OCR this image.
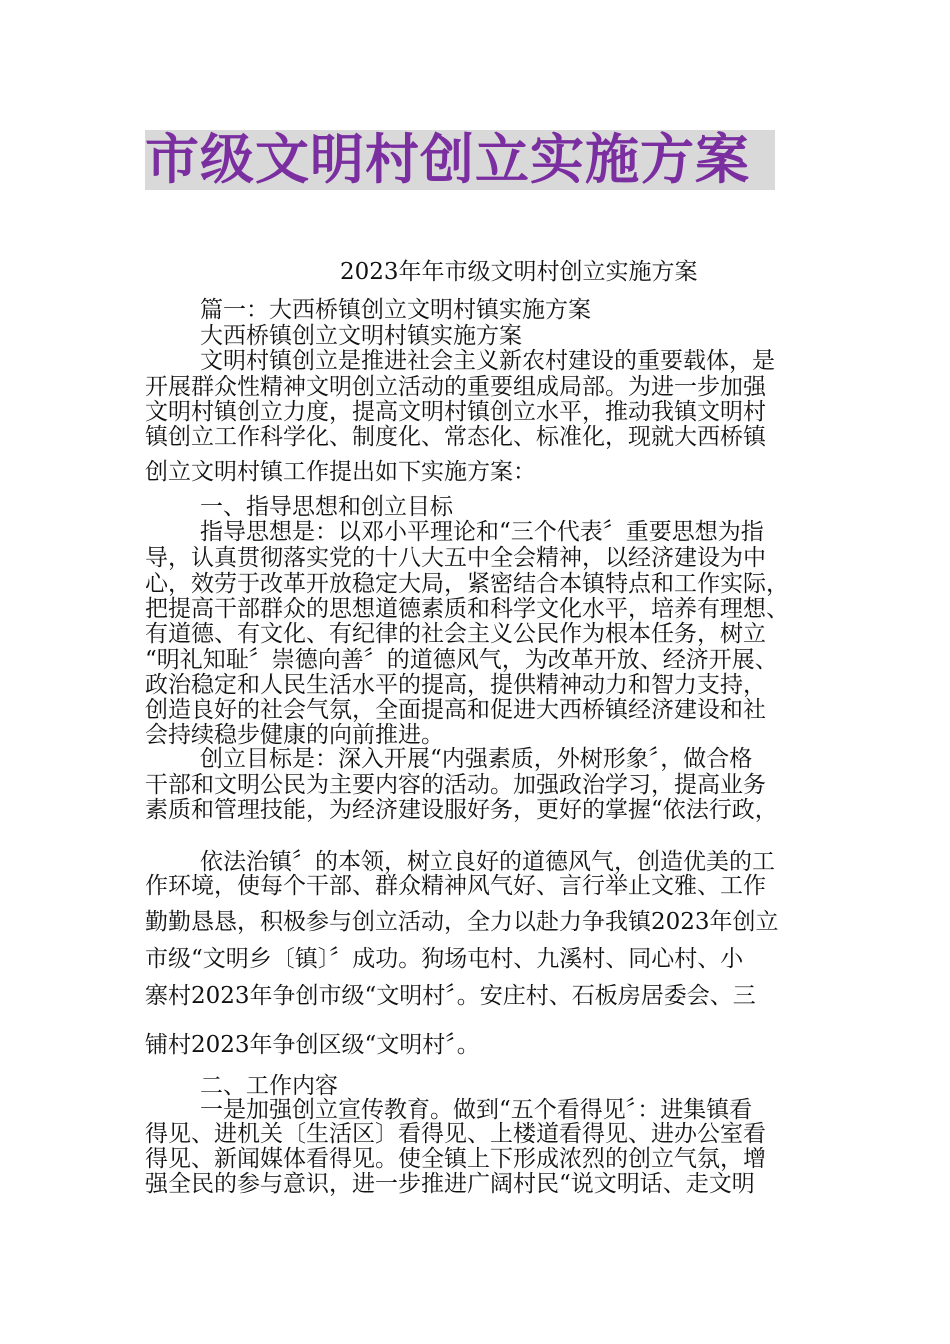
市级文明村创立实施方案
2023年年市级文明村创立实施方案
篇一：大西桥镇创立文明村镇实施方案
大西桥镇创立文明村镇实施方案
文明村镇创立是推进社会主义新农村建设的重要载体，是
开展群众性精神文明创立活动的重要组成局部。为进一步加强
文明村镇创立力度，提高文明村镇创立水平，推动我镇文明村
镇创立工作科学化、制度化、常态化、标准化，现就大西桥镇
创立文明村镇工作提出如下实施方案：
一、指导思想和创立目标
指导思想是：以邓小平理论和“三个代表〞重要思想为指
导，认真贯彻落实党的十八大五中全会精神，以经济建设为中
心，效劳于改革开放稳定大局，紧密结合本镇特点和工作实际，
把提高干部群众的思想道德素质和科学文化水平，培养有理想、
有道德、有文化、有纪律的社会主义公民作为根本任务，树立
“明礼知耻〞崇德向善〞的道德风气，为改革开放、经济开展、
政治稳定和人民生活水平的提高，提供精神动力和智力支持，
创造良好的社会气氛，全面提高和促进大西桥镇经济建设和社
会持续稳步健康的向前推进。
创立目标是：深入开展“内强素质，外树形象〞，做合格
干部和文明公民为主要内容的活动。加强政治学习，提高业务
素质和管理技能，为经济建设服好务，更好的掌握“依法行政，
依法治镇〞的本领，树立良好的道德风气，创造优美的工
作环境，使每个干部、群众精神风气好、言行举止文雅、工作
勤勤恳恳，积极参与创立活动，全力以赴力争我镇2023年创立
市级“文明乡〔镇〕〞成功。狗场屯村、九溪村、同心村、小
寨村2023年争创市级“文明村〞。安庄村、石板房居委会、三
铺村2023年争创区级“文明村〞。
二、工作内容
一是加强创立宣传教育。做到“五个看得见〞：进集镇看
得见、进机关〔生活区〕看得见、上楼道看得见、进办公室看
得见、新闻媒体看得见。使全镇上下形成浓烈的创立气氛，增
强全民的参与意识，进一步推进广阔村民“说文明话、走文明
